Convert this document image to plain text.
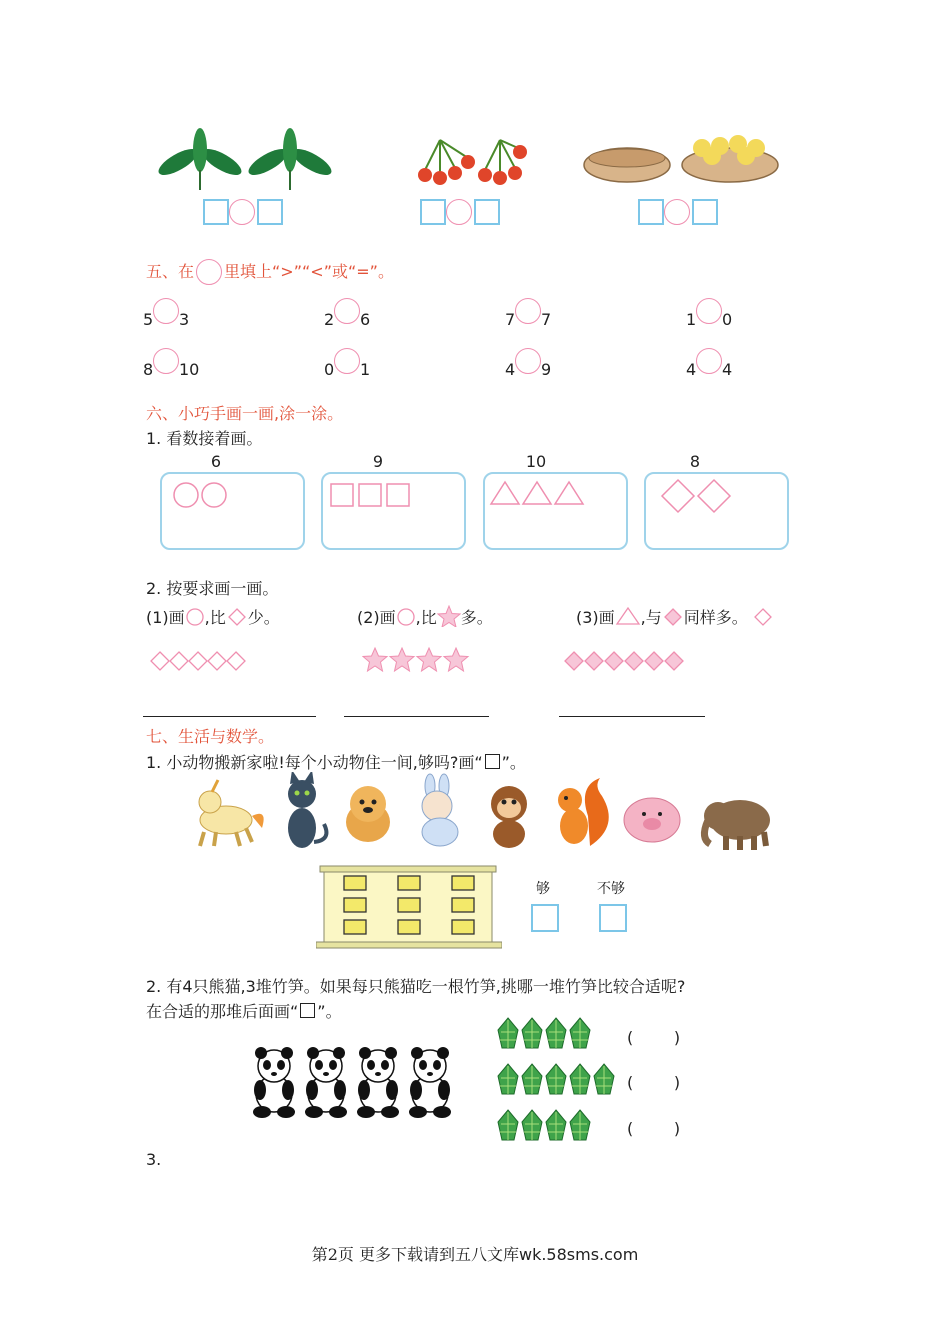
五、在 里填上“>”“<”或“=”。
5 3	2 6	7 7	1 0
8 10	0 1	4 9	4 4
六、小巧手画一画,涂一涂。
1. 看数接着画。
6	9	10	8
2. 按要求画一画。
(1)画 ,比 少。	(2)画 ,比 多。	(3)画 ,与 同样多。
七、生活与数学。
1. 小动物搬新家啦!每个小动物住一间,够吗?画“ ”。
够	不够
2. 有4只熊猫,3堆竹笋。如果每只熊猫吃一根竹笋,挑哪一堆竹笋比较合适呢?
在合适的那堆后面画“ ”。
(        )
(        )
(        )
3.
第2页 更多下载请到五八文库wk.58sms.com
